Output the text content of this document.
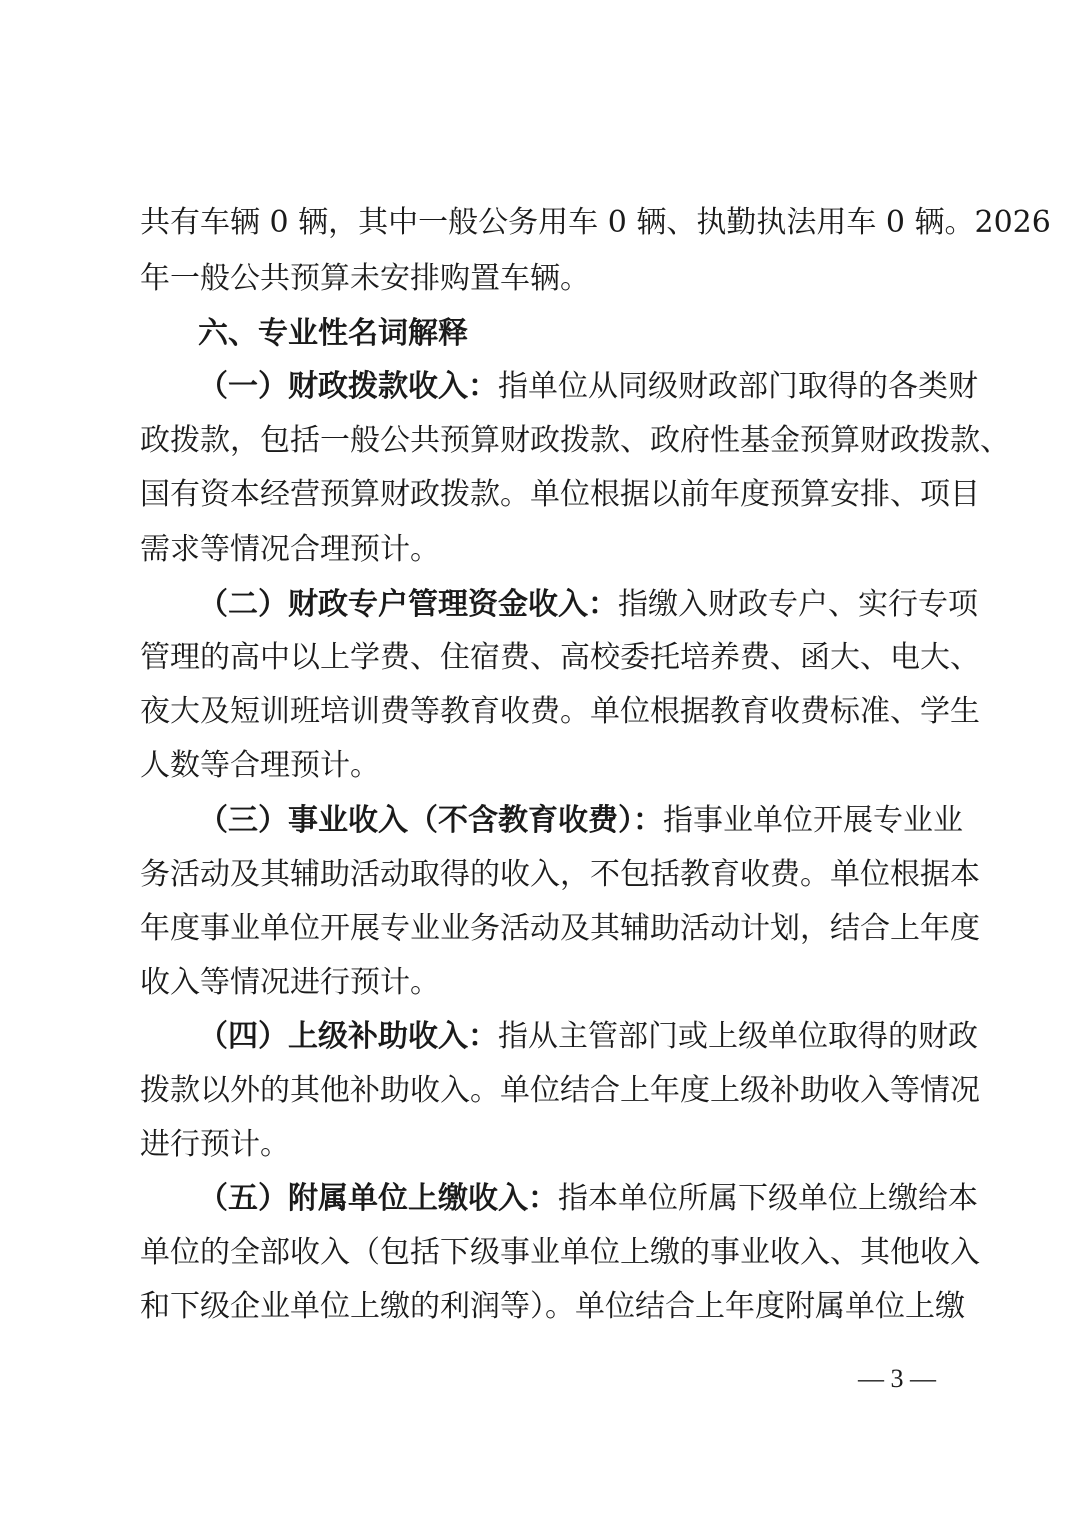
共有车辆 0 辆，其中一般公务用车 0 辆、执勤执法用车 0 辆。2026
年一般公共预算未安排购置车辆。
六、专业性名词解释
（一）财政拨款收入：指单位从同级财政部门取得的各类财
政拨款，包括一般公共预算财政拨款、政府性基金预算财政拨款、
国有资本经营预算财政拨款。单位根据以前年度预算安排、项目
需求等情况合理预计。
（二）财政专户管理资金收入：指缴入财政专户、实行专项
管理的高中以上学费、住宿费、高校委托培养费、函大、电大、
夜大及短训班培训费等教育收费。单位根据教育收费标准、学生
人数等合理预计。
（三）事业收入（不含教育收费）：指事业单位开展专业业
务活动及其辅助活动取得的收入，不包括教育收费。单位根据本
年度事业单位开展专业业务活动及其辅助活动计划，结合上年度
收入等情况进行预计。
（四）上级补助收入：指从主管部门或上级单位取得的财政
拨款以外的其他补助收入。单位结合上年度上级补助收入等情况
进行预计。
（五）附属单位上缴收入：指本单位所属下级单位上缴给本
单位的全部收入（包括下级事业单位上缴的事业收入、其他收入
和下级企业单位上缴的利润等）。单位结合上年度附属单位上缴
— 3 —
